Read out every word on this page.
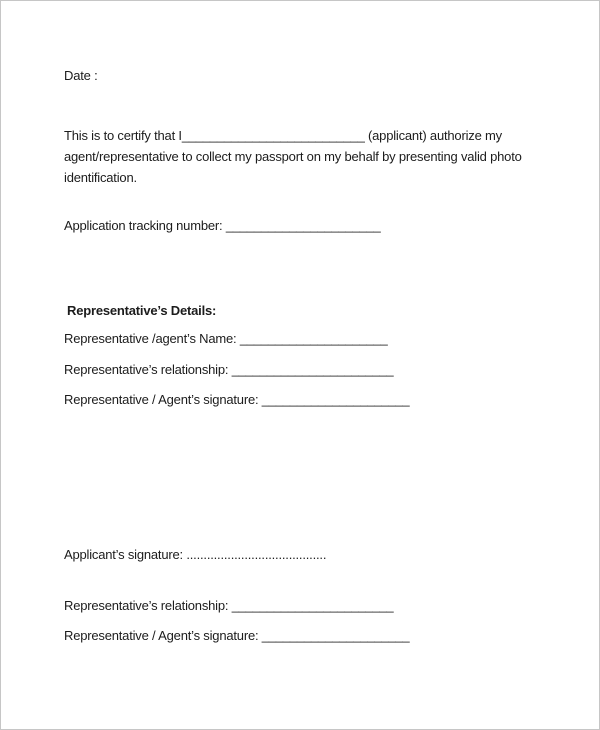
Date :
This is to certify that I__________________________ (applicant) authorize my
agent/representative to collect my passport on my behalf by presenting valid photo
identification.
Application tracking number: ______________________
Representative’s Details:
Representative /agent’s Name: _____________________
Representative’s relationship: _______________________
Representative / Agent’s signature: _____________________
Applicant’s signature: .........................................
Representative’s relationship: _______________________
Representative / Agent’s signature: _____________________
